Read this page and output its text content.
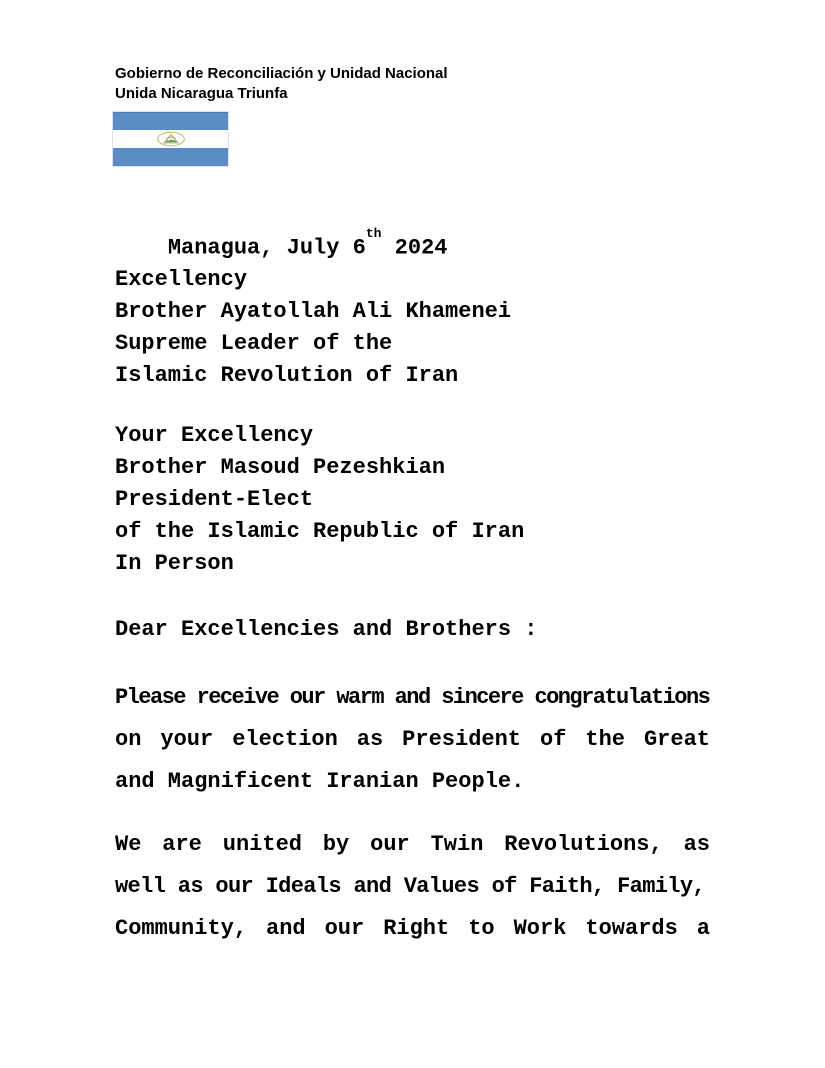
Gobierno de Reconciliación y Unidad Nacional
Unida Nicaragua Triunfa

Managua, July 6th 2024

Excellency
Brother Ayatollah Ali Khamenei
Supreme Leader of the
Islamic Revolution of Iran
Your Excellency
Brother Masoud Pezeshkian
President-Elect
of the Islamic Republic of Iran
In Person
Dear Excellencies and Brothers :
Please receive our warm and sincere congratulations
on your election as President of the Great
and Magnificent Iranian People.
We are united by our Twin Revolutions, as
well as our Ideals and Values of Faith, Family,
Community, and our Right to Work towards a
